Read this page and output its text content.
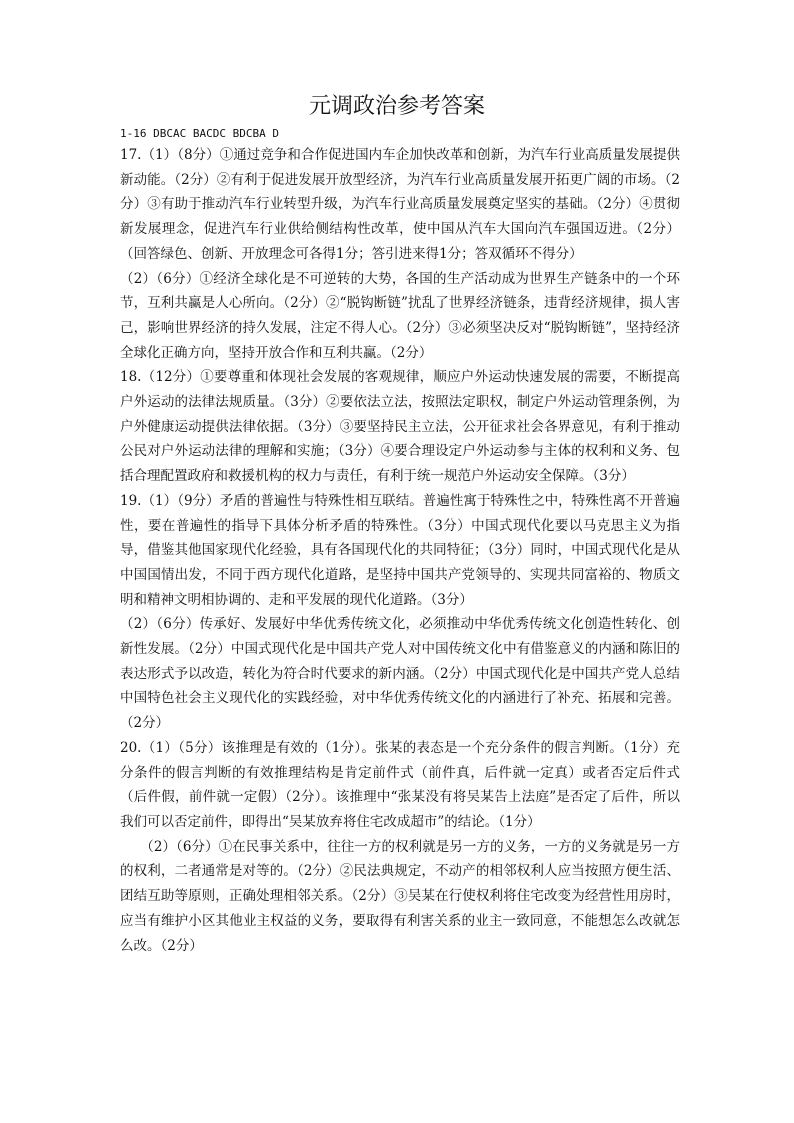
元调政治参考答案

1-16 DBCAC BACDC BDCBA D

17.（1）（8分）①通过竞争和合作促进国内车企加快改革和创新，为汽车行业高质量发展提供新动能。（2分）②有利于促进发展开放型经济，为汽车行业高质量发展开拓更广阔的市场。（2分）③有助于推动汽车行业转型升级，为汽车行业高质量发展奠定坚实的基础。（2分）④贯彻新发展理念，促进汽车行业供给侧结构性改革，使中国从汽车大国向汽车强国迈进。（2分）（回答绿色、创新、开放理念可各得1分；答引进来得1分；答双循环不得分）

（2）（6分）①经济全球化是不可逆转的大势，各国的生产活动成为世界生产链条中的一个环节，互利共赢是人心所向。（2分）②“脱钩断链”扰乱了世界经济链条，违背经济规律，损人害己，影响世界经济的持久发展，注定不得人心。（2分）③必须坚决反对“脱钩断链”，坚持经济全球化正确方向，坚持开放合作和互利共赢。（2分）

18.（12分）①要尊重和体现社会发展的客观规律，顺应户外运动快速发展的需要，不断提高户外运动的法律法规质量。（3分）②要依法立法，按照法定职权，制定户外运动管理条例，为户外健康运动提供法律依据。（3分）③要坚持民主立法，公开征求社会各界意见，有利于推动公民对户外运动法律的理解和实施；（3分）④要合理设定户外运动参与主体的权利和义务、包括合理配置政府和救援机构的权力与责任，有利于统一规范户外运动安全保障。（3分）

19.（1）（9分）矛盾的普遍性与特殊性相互联结。普遍性寓于特殊性之中，特殊性离不开普遍性，要在普遍性的指导下具体分析矛盾的特殊性。（3分）中国式现代化要以马克思主义为指导，借鉴其他国家现代化经验，具有各国现代化的共同特征；（3分）同时，中国式现代化是从中国国情出发，不同于西方现代化道路，是坚持中国共产党领导的、实现共同富裕的、物质文明和精神文明相协调的、走和平发展的现代化道路。（3分）

（2）（6分）传承好、发展好中华优秀传统文化，必须推动中华优秀传统文化创造性转化、创新性发展。（2分）中国式现代化是中国共产党人对中国传统文化中有借鉴意义的内涵和陈旧的表达形式予以改造，转化为符合时代要求的新内涵。（2分）中国式现代化是中国共产党人总结中国特色社会主义现代化的实践经验，对中华优秀传统文化的内涵进行了补充、拓展和完善。（2分）

20.（1）（5分）该推理是有效的（1分）。张某的表态是一个充分条件的假言判断。（1分）充分条件的假言判断的有效推理结构是肯定前件式（前件真，后件就一定真）或者否定后件式（后件假，前件就一定假）（2分）。该推理中“张某没有将吴某告上法庭”是否定了后件，所以我们可以否定前件，即得出“吴某放弃将住宅改成超市”的结论。（1分）

（2）（6分）①在民事关系中，往往一方的权利就是另一方的义务，一方的义务就是另一方的权利，二者通常是对等的。（2分）②民法典规定，不动产的相邻权利人应当按照方便生活、团结互助等原则，正确处理相邻关系。（2分）③吴某在行使权利将住宅改变为经营性用房时，应当有维护小区其他业主权益的义务，要取得有利害关系的业主一致同意，不能想怎么改就怎么改。（2分）
